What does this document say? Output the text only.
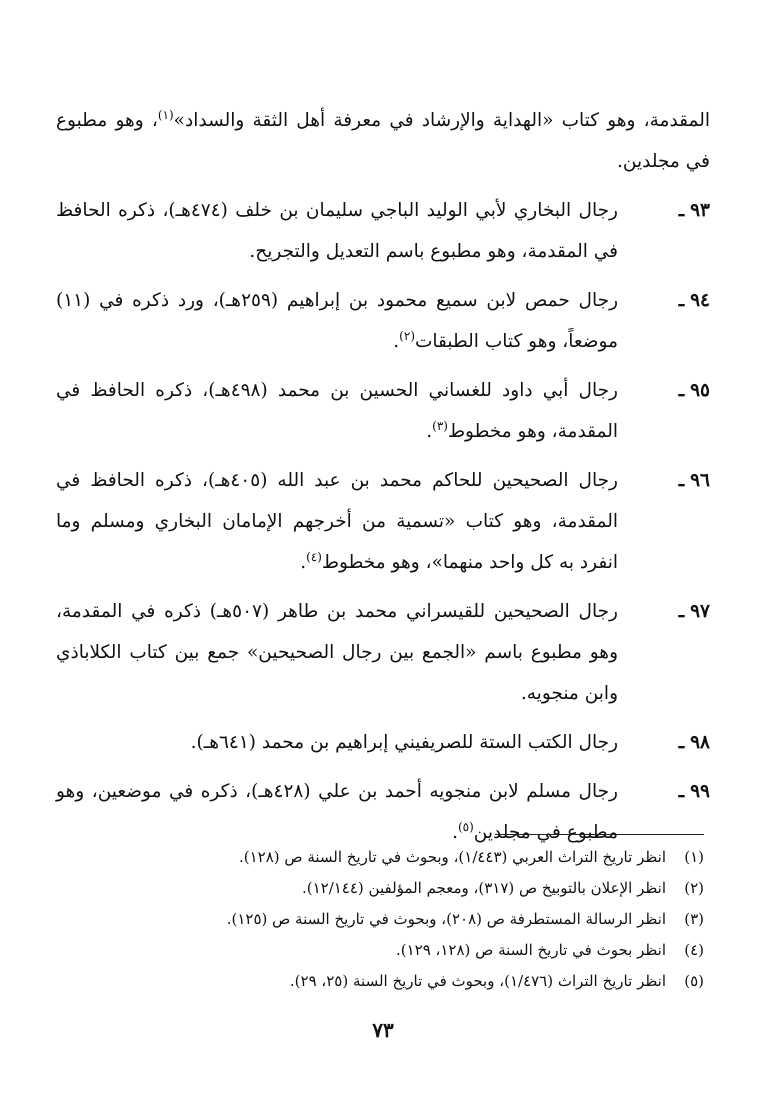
المقدمة، وهو كتاب «الهداية والإرشاد في معرفة أهل الثقة والسداد»$^{(١)}$، وهو مطبوع في مجلدين.
٩٣ـ
رجال البخاري لأبي الوليد الباجي سليمان بن خلف (٤٧٤هـ)، ذكره الحافظ في المقدمة، وهو مطبوع باسم التعديل والتجريح.
٩٤ـ
رجال حمص لابن سميع محمود بن إبراهيم (٢٥٩هـ)، ورد ذكره في (١١) موضعاً، وهو كتاب الطبقات$^{(٢)}$.
٩٥ـ
رجال أبي داود للغساني الحسين بن محمد (٤٩٨هـ)، ذكره الحافظ في المقدمة، وهو مخطوط$^{(٣)}$.
٩٦ـ
رجال الصحيحين للحاكم محمد بن عبد الله (٤٠٥هـ)، ذكره الحافظ في المقدمة، وهو كتاب «تسمية من أخرجهم الإمامان البخاري ومسلم وما انفرد به كل واحد منهما»، وهو مخطوط$^{(٤)}$.
٩٧ـ
رجال الصحيحين للقيسراني محمد بن طاهر (٥٠٧هـ) ذكره في المقدمة، وهو مطبوع باسم «الجمع بين رجال الصحيحين» جمع بين كتاب الكلاباذي وابن منجويه.
٩٨ـ
رجال الكتب الستة للصريفيني إبراهيم بن محمد (٦٤١هـ).
٩٩ـ
رجال مسلم لابن منجويه أحمد بن علي (٤٢٨هـ)، ذكره في موضعين، وهو مطبوع في مجلدين$^{(٥)}$.
(١)انظر تاريخ التراث العربي (١/٤٤٣)، وبحوث في تاريخ السنة ص (١٢٨).
(٢)انظر الإعلان بالتوبيخ ص (٣١٧)، ومعجم المؤلفين (١٢/١٤٤).
(٣)انظر الرسالة المستطرفة ص (٢٠٨)، وبحوث في تاريخ السنة ص (١٢٥).
(٤)انظر بحوث في تاريخ السنة ص (١٢٨، ١٢٩).
(٥)انظر تاريخ التراث (١/٤٧٦)، وبحوث في تاريخ السنة (٢٥، ٢٩).
٧٣
